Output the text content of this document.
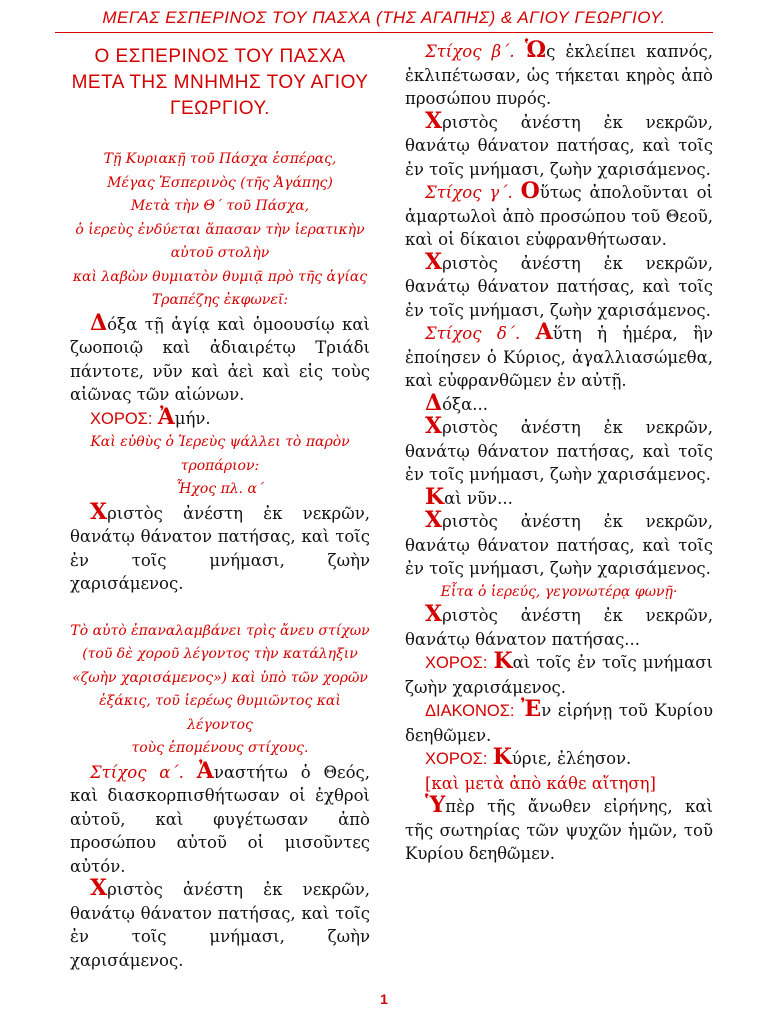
ΜΕΓΑΣ ΕΣΠΕΡΙΝΟΣ ΤΟΥ ΠΑΣΧΑ (ΤΗΣ ΑΓΑΠΗΣ) & ΑΓΙΟΥ ΓΕΩΡΓΙΟΥ.
Ο ΕΣΠΕΡΙΝΟΣ ΤΟΥ ΠΑΣΧΑ
ΜΕΤΑ ΤΗΣ ΜΝΗΜΗΣ ΤΟΥ ΑΓΙΟΥ
ΓΕΩΡΓΙΟΥ.
Τῇ Κυριακῇ τοῦ Πάσχα ἑσπέρας,
Μέγας Ἑσπερινὸς (τῆς Ἀγάπης)
Μετὰ τὴν Θ΄ τοῦ Πάσχα,
ὁ ἱερεὺς ἐνδύεται ἅπασαν τὴν ἱερατικὴν
αὐτοῦ στολὴν
καὶ λαβὼν θυμιατὸν θυμιᾷ πρὸ τῆς ἁγίας
Τραπέζης ἐκφωνεῖ:

Δόξα τῇ ἁγίᾳ καὶ ὁμοουσίῳ καὶ ζωοποιῷ καὶ ἀδιαιρέτῳ Τριάδι πάντοτε, νῦν καὶ ἀεὶ καὶ εἰς τοὺς αἰῶνας τῶν αἰώνων.

ΧΟΡΟΣ: Ἀμήν.

Καὶ εὐθὺς ὁ Ἱερεὺς ψάλλει τὸ παρὸν
τροπάριον:
Ἦχος πλ. α΄

Χριστὸς ἀνέστη ἐκ νεκρῶν, θανάτῳ θάνατον πατήσας, καὶ τοῖς ἐν τοῖς μνήμασι, ζωὴν χαρισάμενος.

Τὸ αὐτὸ ἐπαναλαμβάνει τρὶς ἄνευ στίχων
(τοῦ δὲ χοροῦ λέγοντος τὴν κατάληξιν
«ζωὴν χαρισάμενος») καὶ ὑπὸ τῶν χορῶν
ἑξάκις, τοῦ ἱερέως θυμιῶντος καὶ λέγοντος
τοὺς ἑπομένους στίχους.

Στίχος α΄. Ἀναστήτω ὁ Θεός, καὶ διασκορπισθήτωσαν οἱ ἐχθροὶ αὐτοῦ, καὶ φυγέτωσαν ἀπὸ προσώπου αὐτοῦ οἱ μισοῦντες αὐτόν.

Χριστὸς ἀνέστη ἐκ νεκρῶν, θανάτῳ θάνατον πατήσας, καὶ τοῖς ἐν τοῖς μνήμασι, ζωὴν χαρισάμενος.

Στίχος β΄. Ὡς ἐκλείπει καπνός, ἐκλιπέτωσαν, ὡς τήκεται κηρὸς ἀπὸ προσώπου πυρός.

Χριστὸς ἀνέστη ἐκ νεκρῶν, θανάτῳ θάνατον πατήσας, καὶ τοῖς ἐν τοῖς μνήμασι, ζωὴν χαρισάμενος.

Στίχος γ΄. Οὕτως ἀπολοῦνται οἱ ἁμαρτωλοὶ ἀπὸ προσώπου τοῦ Θεοῦ, καὶ οἱ δίκαιοι εὐφρανθήτωσαν.

Χριστὸς ἀνέστη ἐκ νεκρῶν, θανάτῳ θάνατον πατήσας, καὶ τοῖς ἐν τοῖς μνήμασι, ζωὴν χαρισάμενος.

Στίχος δ΄. Αὕτη ἡ ἡμέρα, ἣν ἐποίησεν ὁ Κύριος, ἀγαλλιασώμεθα, καὶ εὐφρανθῶμεν ἐν αὐτῇ.

Δόξα...

Χριστὸς ἀνέστη ἐκ νεκρῶν, θανάτῳ θάνατον πατήσας, καὶ τοῖς ἐν τοῖς μνήμασι, ζωὴν χαρισάμενος.

Καὶ νῦν...

Χριστὸς ἀνέστη ἐκ νεκρῶν, θανάτῳ θάνατον πατήσας, καὶ τοῖς ἐν τοῖς μνήμασι, ζωὴν χαρισάμενος.

Εἶτα ὁ ἱερεύς, γεγονωτέρᾳ φωνῇ·

Χριστὸς ἀνέστη ἐκ νεκρῶν, θανάτῳ θάνατον πατήσας...

ΧΟΡΟΣ: Καὶ τοῖς ἐν τοῖς μνήμασι ζωὴν χαρισάμενος.

ΔΙΑΚΟΝΟΣ: Ἐν εἰρήνῃ τοῦ Κυρίου δεηθῶμεν.

ΧΟΡΟΣ: Κύριε, ἐλέησον.

[καὶ μετὰ ἀπὸ κάθε αἴτηση]

Ὑπὲρ τῆς ἄνωθεν εἰρήνης, καὶ τῆς σωτηρίας τῶν ψυχῶν ἡμῶν, τοῦ Κυρίου δεηθῶμεν.

1
